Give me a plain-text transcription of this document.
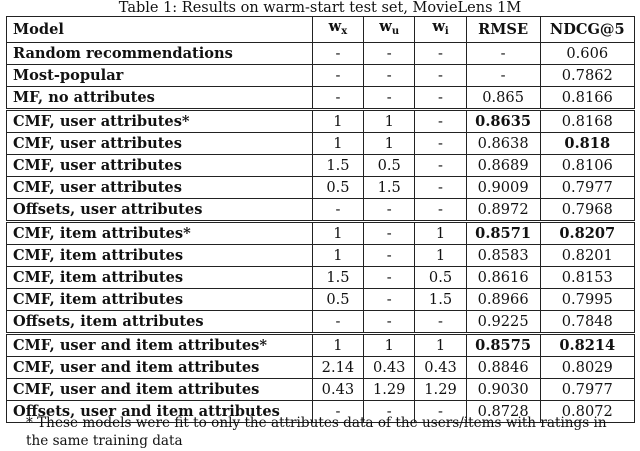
Table 1: Results on warm-start test set, MovieLens 1M
Model	$w_x$	$w_u$	$w_i$	RMSE	NDCG@5
Random recommendations	-	-	-	-	0.606
Most-popular	-	-	-	-	0.7862
MF, no attributes	-	-	-	0.865	0.8166
CMF, user attributes*	1	1	-	0.8635	0.8168
CMF, user attributes	1	1	-	0.8638	0.818
CMF, user attributes	1.5	0.5	-	0.8689	0.8106
CMF, user attributes	0.5	1.5	-	0.9009	0.7977
Offsets, user attributes	-	-	-	0.8972	0.7968
CMF, item attributes*	1	-	1	0.8571	0.8207
CMF, item attributes	1	-	1	0.8583	0.8201
CMF, item attributes	1.5	-	0.5	0.8616	0.8153
CMF, item attributes	0.5	-	1.5	0.8966	0.7995
Offsets, item attributes	-	-	-	0.9225	0.7848
CMF, user and item attributes*	1	1	1	0.8575	0.8214
CMF, user and item attributes	2.14	0.43	0.43	0.8846	0.8029
CMF, user and item attributes	0.43	1.29	1.29	0.9030	0.7977
Offsets, user and item attributes	-	-	-	0.8728	0.8072
* These models were fit to only the attributes data of the users/items with ratings in the same training data
